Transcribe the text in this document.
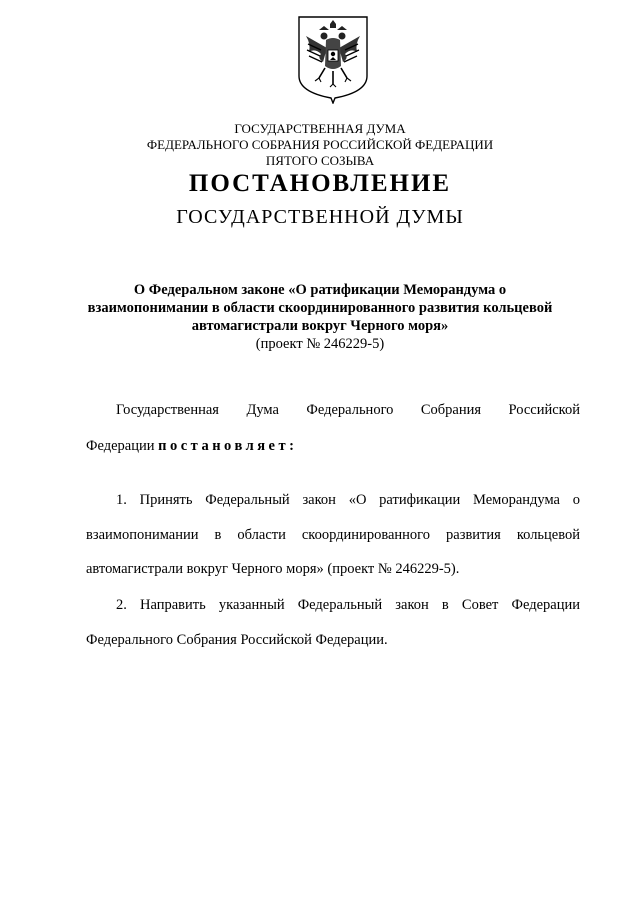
ГОСУДАРСТВЕННАЯ ДУМА
ФЕДЕРАЛЬНОГО СОБРАНИЯ РОССИЙСКОЙ ФЕДЕРАЦИИ
ПЯТОГО СОЗЫВА
ПОСТАНОВЛЕНИЕ
ГОСУДАРСТВЕННОЙ ДУМЫ
О Федеральном законе «О ратификации Меморандума о
взаимопонимании в области скоординированного развития кольцевой
автомагистрали вокруг Черного моря»
(проект № 246229-5)
Государственная Дума Федерального Собрания Российской
Федерации постановляет:
1. Принять Федеральный закон «О ратификации Меморандума о
взаимопонимании в области скоординированного развития кольцевой
автомагистрали вокруг Черного моря» (проект № 246229-5).
2. Направить указанный Федеральный закон в Совет Федерации
Федерального Собрания Российской Федерации.
